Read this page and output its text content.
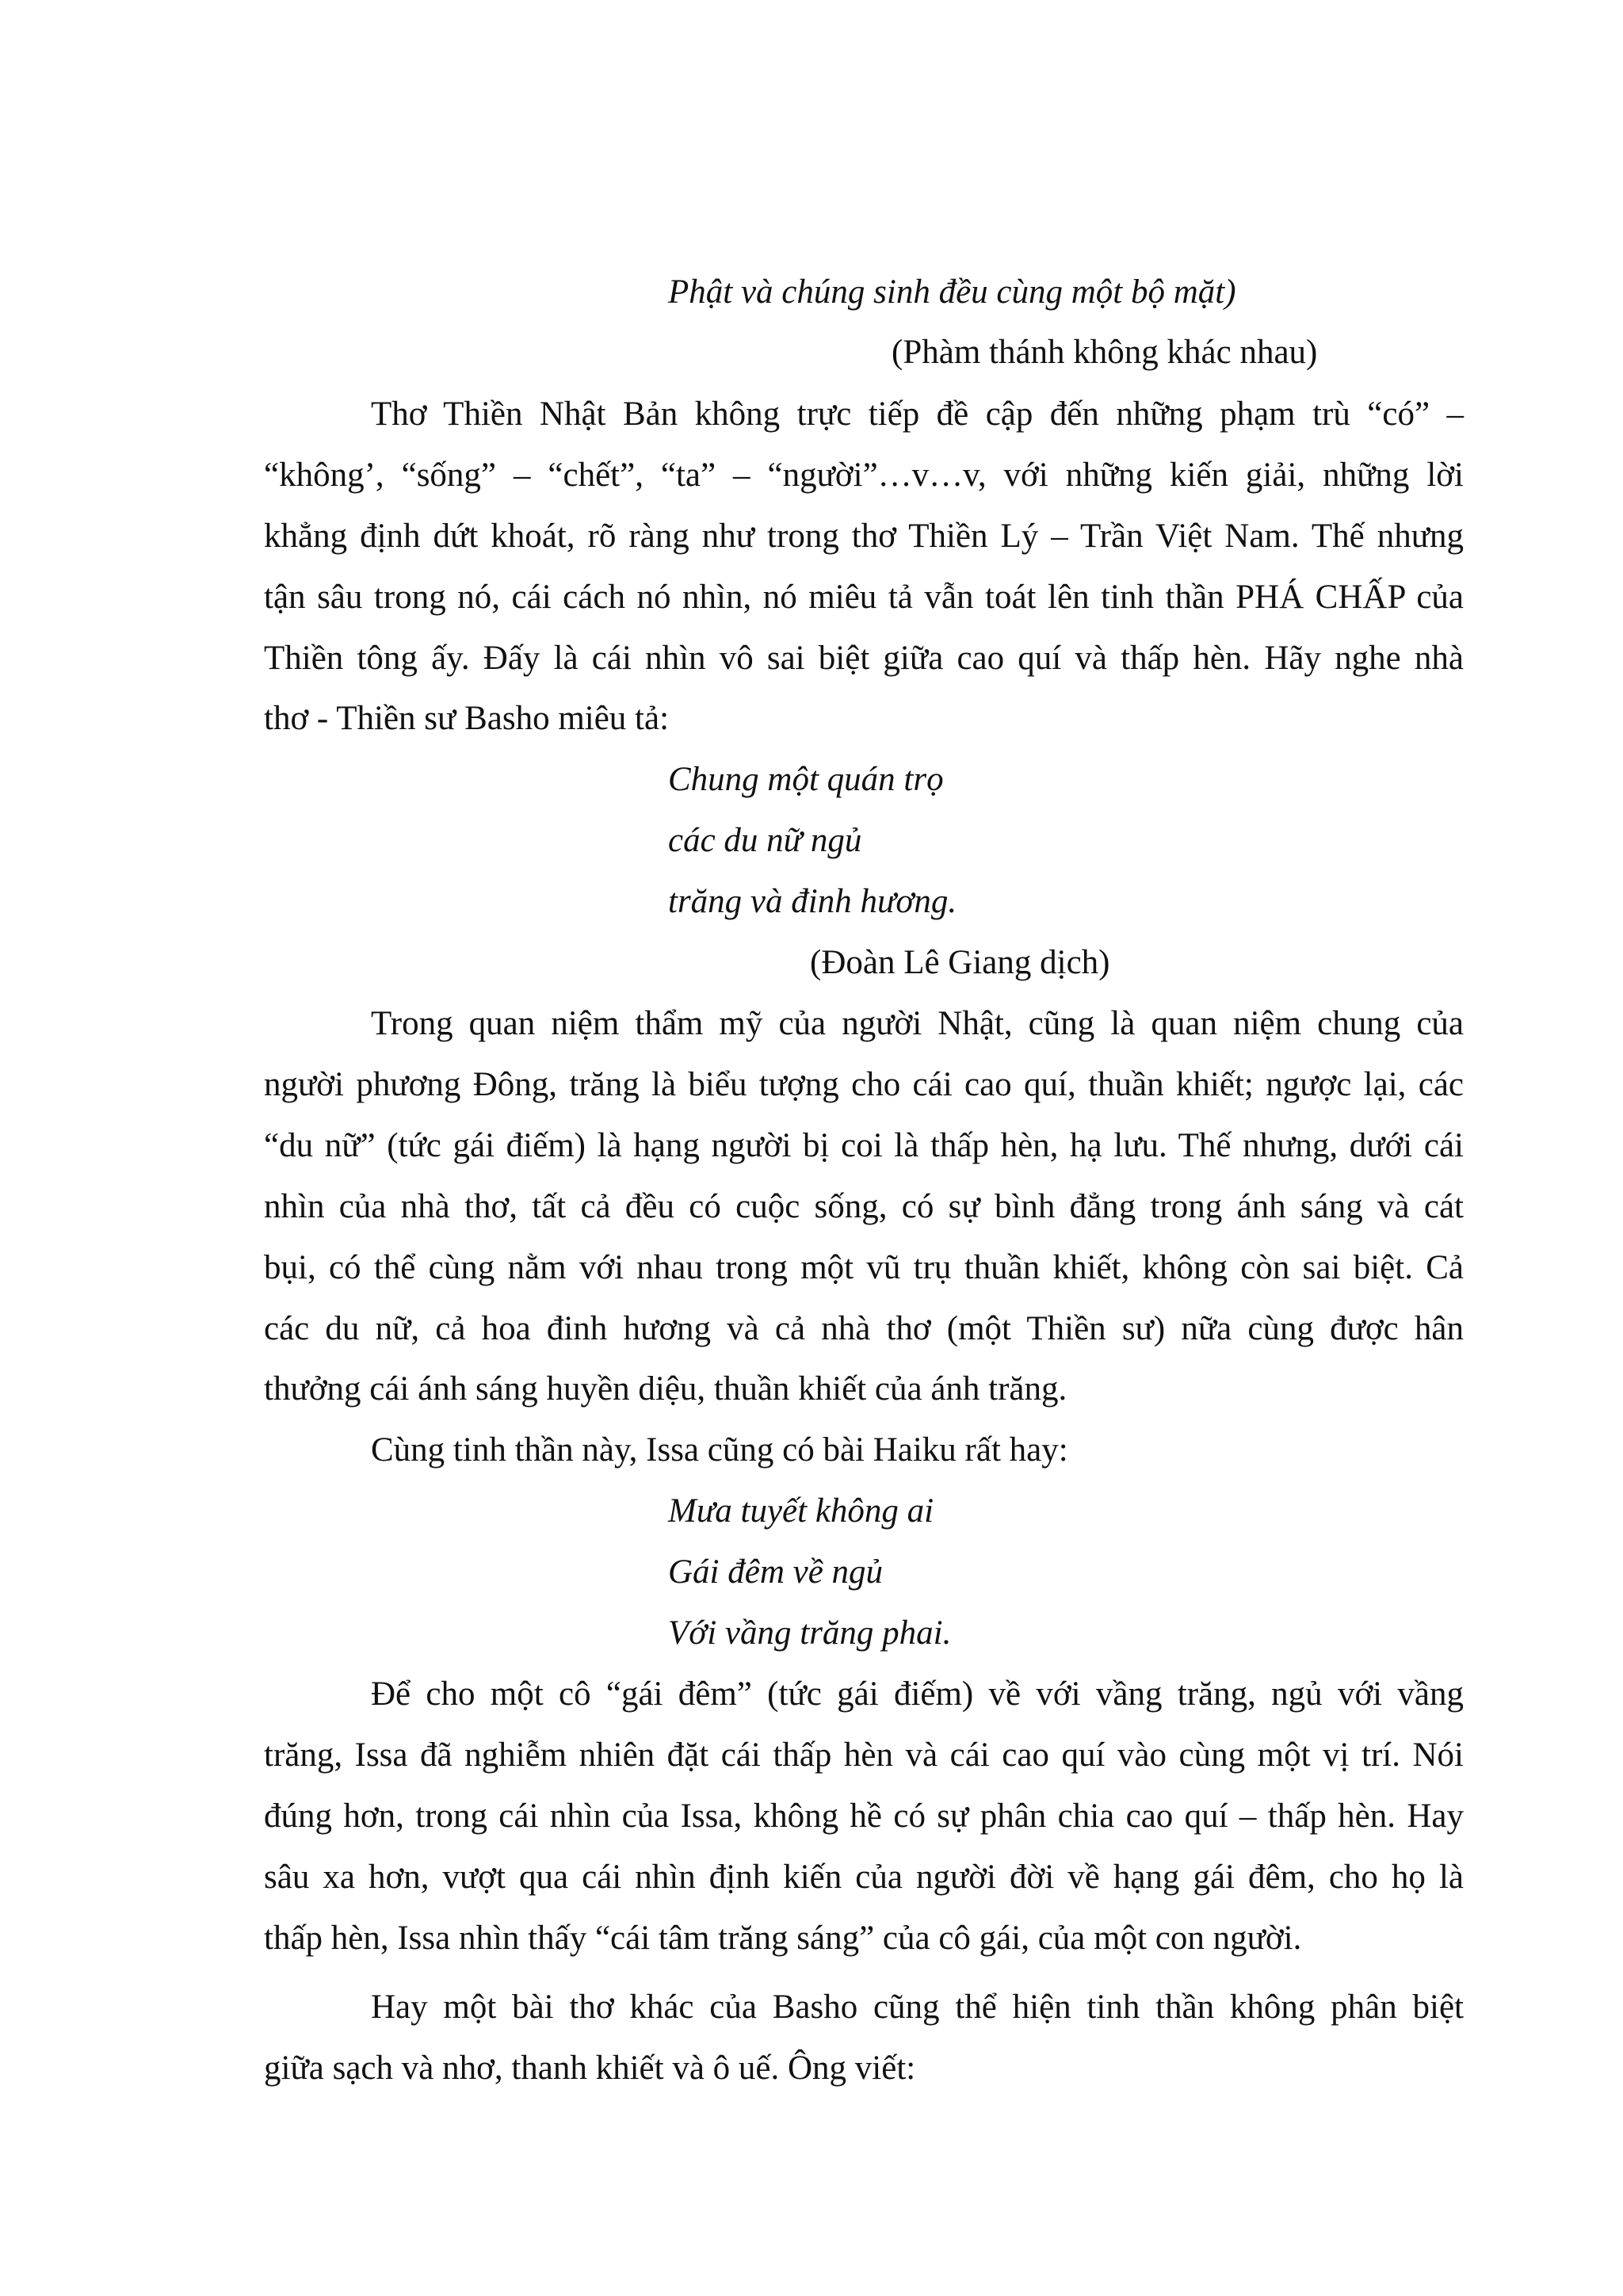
Phật và chúng sinh đều cùng một bộ mặt)
(Phàm thánh không khác nhau)
Thơ Thiền Nhật Bản không trực tiếp đề cập đến những phạm trù “có” –
“không’, “sống” – “chết”, “ta” – “người”…v…v, với những kiến giải, những lời
khẳng định dứt khoát, rõ ràng như trong thơ Thiền Lý – Trần Việt Nam. Thế nhưng
tận sâu trong nó, cái cách nó nhìn, nó miêu tả vẫn toát lên tinh thần PHÁ CHẤP của
Thiền tông ấy. Đấy là cái nhìn vô sai biệt giữa cao quí và thấp hèn. Hãy nghe nhà
thơ - Thiền sư Basho miêu tả:
Chung một quán trọ
các du nữ ngủ
trăng và đinh hương.
(Đoàn Lê Giang dịch)
Trong quan niệm thẩm mỹ của người Nhật, cũng là quan niệm chung của
người phương Đông, trăng là biểu tượng cho cái cao quí, thuần khiết; ngược lại, các
“du nữ” (tức gái điếm) là hạng người bị coi là thấp hèn, hạ lưu. Thế nhưng, dưới cái
nhìn của nhà thơ, tất cả đều có cuộc sống, có sự bình đẳng trong ánh sáng và cát
bụi, có thể cùng nằm với nhau trong một vũ trụ thuần khiết, không còn sai biệt. Cả
các du nữ, cả hoa đinh hương và cả nhà thơ (một Thiền sư) nữa cùng được hân
thưởng cái ánh sáng huyền diệu, thuần khiết của ánh trăng.
Cùng tinh thần này, Issa cũng có bài Haiku rất hay:
Mưa tuyết không ai
Gái đêm về ngủ
Với vầng trăng phai.
Để cho một cô “gái đêm” (tức gái điếm) về với vầng trăng, ngủ với vầng
trăng, Issa đã nghiễm nhiên đặt cái thấp hèn và cái cao quí vào cùng một vị trí. Nói
đúng hơn, trong cái nhìn của Issa, không hề có sự phân chia cao quí – thấp hèn. Hay
sâu xa hơn, vượt qua cái nhìn định kiến của người đời về hạng gái đêm, cho họ là
thấp hèn, Issa nhìn thấy “cái tâm trăng sáng” của cô gái, của một con người.
Hay một bài thơ khác của Basho cũng thể hiện tinh thần không phân biệt
giữa sạch và nhơ, thanh khiết và ô uế. Ông viết:
